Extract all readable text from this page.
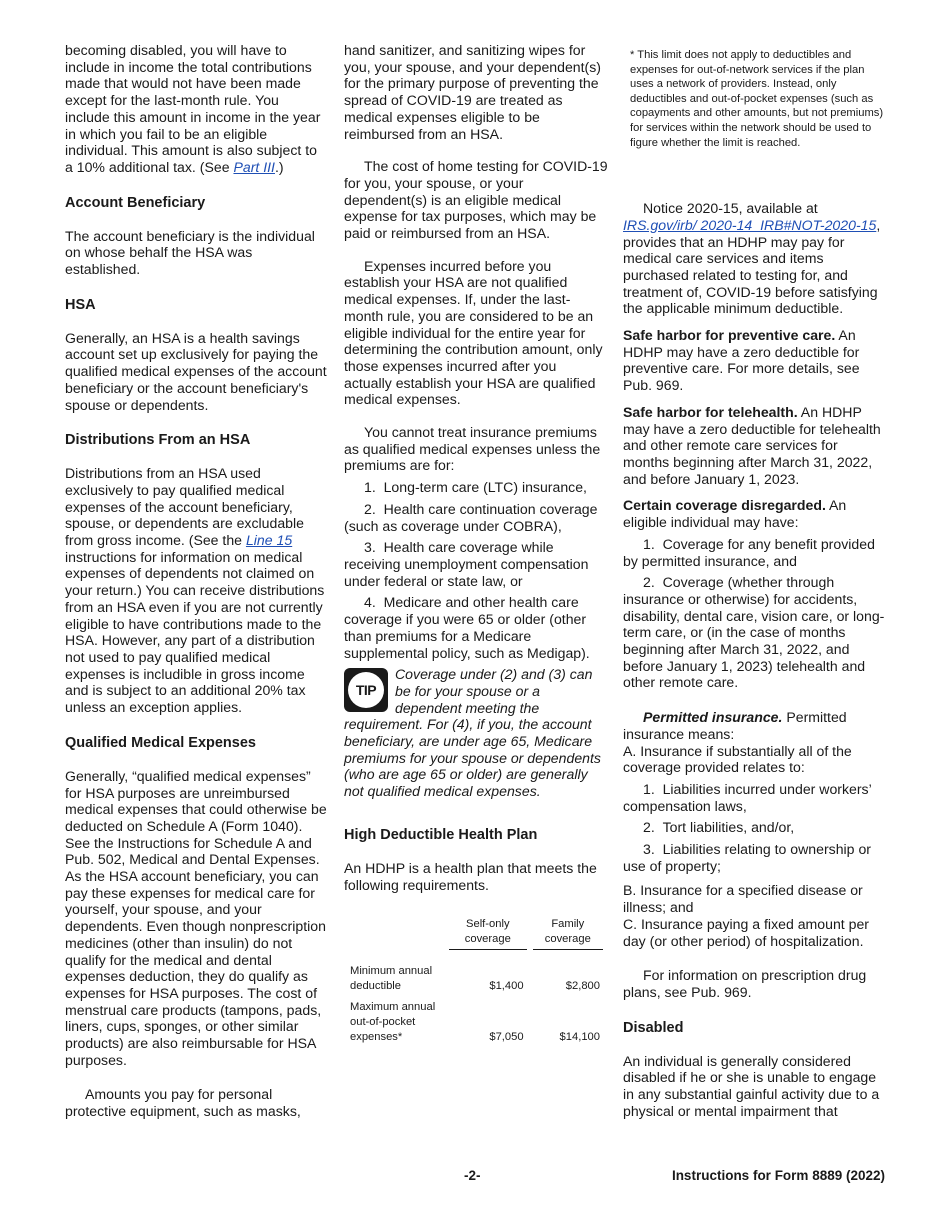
becoming disabled, you will have to include in income the total contributions made that would not have been made except for the last-month rule. You include this amount in income in the year in which you fail to be an eligible individual. This amount is also subject to a 10% additional tax. (See Part III.)

Account Beneficiary

The account beneficiary is the individual on whose behalf the HSA was established.

HSA

Generally, an HSA is a health savings account set up exclusively for paying the qualified medical expenses of the account beneficiary or the account beneficiary's spouse or dependents.

Distributions From an HSA

Distributions from an HSA used exclusively to pay qualified medical expenses of the account beneficiary, spouse, or dependents are excludable from gross income. (See the Line 15 instructions for information on medical expenses of dependents not claimed on your return.) You can receive distributions from an HSA even if you are not currently eligible to have contributions made to the HSA. However, any part of a distribution not used to pay qualified medical expenses is includible in gross income and is subject to an additional 20% tax unless an exception applies.

Qualified Medical Expenses

Generally, “qualified medical expenses” for HSA purposes are unreimbursed medical expenses that could otherwise be deducted on Schedule A (Form 1040). See the Instructions for Schedule A and Pub. 502, Medical and Dental Expenses. As the HSA account beneficiary, you can pay these expenses for medical care for yourself, your spouse, and your dependents. Even though nonprescription medicines (other than insulin) do not qualify for the medical and dental expenses deduction, they do qualify as expenses for HSA purposes. The cost of menstrual care products (tampons, pads, liners, cups, sponges, or other similar products) are also reimbursable for HSA purposes.

Amounts you pay for personal protective equipment, such as masks,

hand sanitizer, and sanitizing wipes for you, your spouse, and your dependent(s) for the primary purpose of preventing the spread of COVID-19 are treated as medical expenses eligible to be reimbursed from an HSA.

The cost of home testing for COVID-19 for you, your spouse, or your dependent(s) is an eligible medical expense for tax purposes, which may be paid or reimbursed from an HSA.

Expenses incurred before you establish your HSA are not qualified medical expenses. If, under the last-month rule, you are considered to be an eligible individual for the entire year for determining the contribution amount, only those expenses incurred after you actually establish your HSA are qualified medical expenses.

You cannot treat insurance premiums as qualified medical expenses unless the premiums are for:

1.  Long-term care (LTC) insurance,

2.  Health care continuation coverage (such as coverage under COBRA),

3.  Health care coverage while receiving unemployment compensation under federal or state law, or

4.  Medicare and other health care coverage if you were 65 or older (other than premiums for a Medicare supplemental policy, such as Medigap).

TIP
Coverage under (2) and (3) can be for your spouse or a dependent meeting the requirement. For (4), if you, the account beneficiary, are under age 65, Medicare premiums for your spouse or dependents (who are age 65 or older) are generally not qualified medical expenses.
High Deductible Health Plan

An HDHP is a health plan that meets the following requirements.

	Self-only coverage	Family coverage

Minimum annual deductible	$1,400	$2,800
Maximum annual out-of-pocket expenses*	$7,050	$14,100
* This limit does not apply to deductibles and expenses for out-of-network services if the plan uses a network of providers. Instead, only deductibles and out-of-pocket expenses (such as copayments and other amounts, but not premiums) for services within the network should be used to figure whether the limit is reached.

Notice 2020-15, available at IRS.gov/irb/ 2020-14_IRB#NOT-2020-15, provides that an HDHP may pay for medical care services and items purchased related to testing for, and treatment of, COVID-19 before satisfying the applicable minimum deductible.

Safe harbor for preventive care. An HDHP may have a zero deductible for preventive care. For more details, see Pub. 969.

Safe harbor for telehealth. An HDHP may have a zero deductible for telehealth and other remote care services for months beginning after March 31, 2022, and before January 1, 2023.

Certain coverage disregarded. An eligible individual may have:

1.  Coverage for any benefit provided by permitted insurance, and

2.  Coverage (whether through insurance or otherwise) for accidents, disability, dental care, vision care, or long-term care, or (in the case of months beginning after March 31, 2022, and before January 1, 2023) telehealth and other remote care.

Permitted insurance. Permitted insurance means:

A. Insurance if substantially all of the coverage provided relates to:

1.  Liabilities incurred under workers’ compensation laws,

2.  Tort liabilities, and/or,

3.  Liabilities relating to ownership or use of property;

B. Insurance for a specified disease or illness; and

C. Insurance paying a fixed amount per day (or other period) of hospitalization.

For information on prescription drug plans, see Pub. 969.

Disabled

An individual is generally considered disabled if he or she is unable to engage in any substantial gainful activity due to a physical or mental impairment that

-2-	Instructions for Form 8889 (2022)
